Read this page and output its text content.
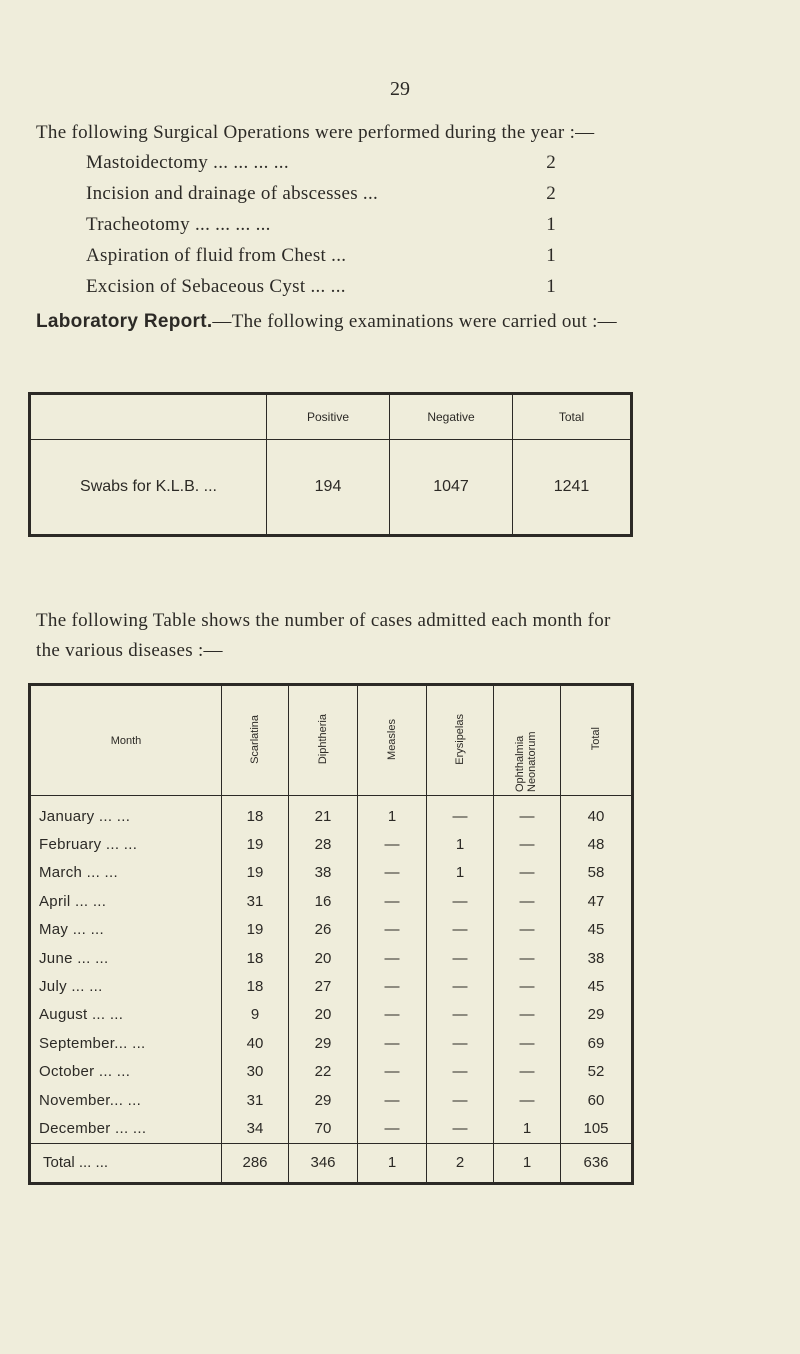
29

The following Surgical Operations were performed during the year :—

Mastoidectomy ... ... ... ...	2
Incision and drainage of abscesses ...	2
Tracheotomy ... ... ... ...	1
Aspiration of fluid from Chest ...	1
Excision of Sebaceous Cyst ... ...	1

Laboratory Report.—The following examinations were carried out :—

	Positive	Negative	Total
Swabs for K.L.B. ...	194	1047	1241

The following Table shows the number of cases admitted each month for the various diseases :—

Month	Scarlatina	Diphtheria	Measles	Erysipelas	Ophthalmia Neonatorum	Total
January ... ...	18	21	1	—	—	40
February ... ...	19	28	—	1	—	48
March ... ...	19	38	—	1	—	58
April ... ...	31	16	—	—	—	47
May ... ...	19	26	—	—	—	45
June ... ...	18	20	—	—	—	38
July ... ...	18	27	—	—	—	45
August ... ...	9	20	—	—	—	29
September... ...	40	29	—	—	—	69
October ... ...	30	22	—	—	—	52
November... ...	31	29	—	—	—	60
December ... ...	34	70	—	—	1	105
Total ... ...	286	346	1	2	1	636
